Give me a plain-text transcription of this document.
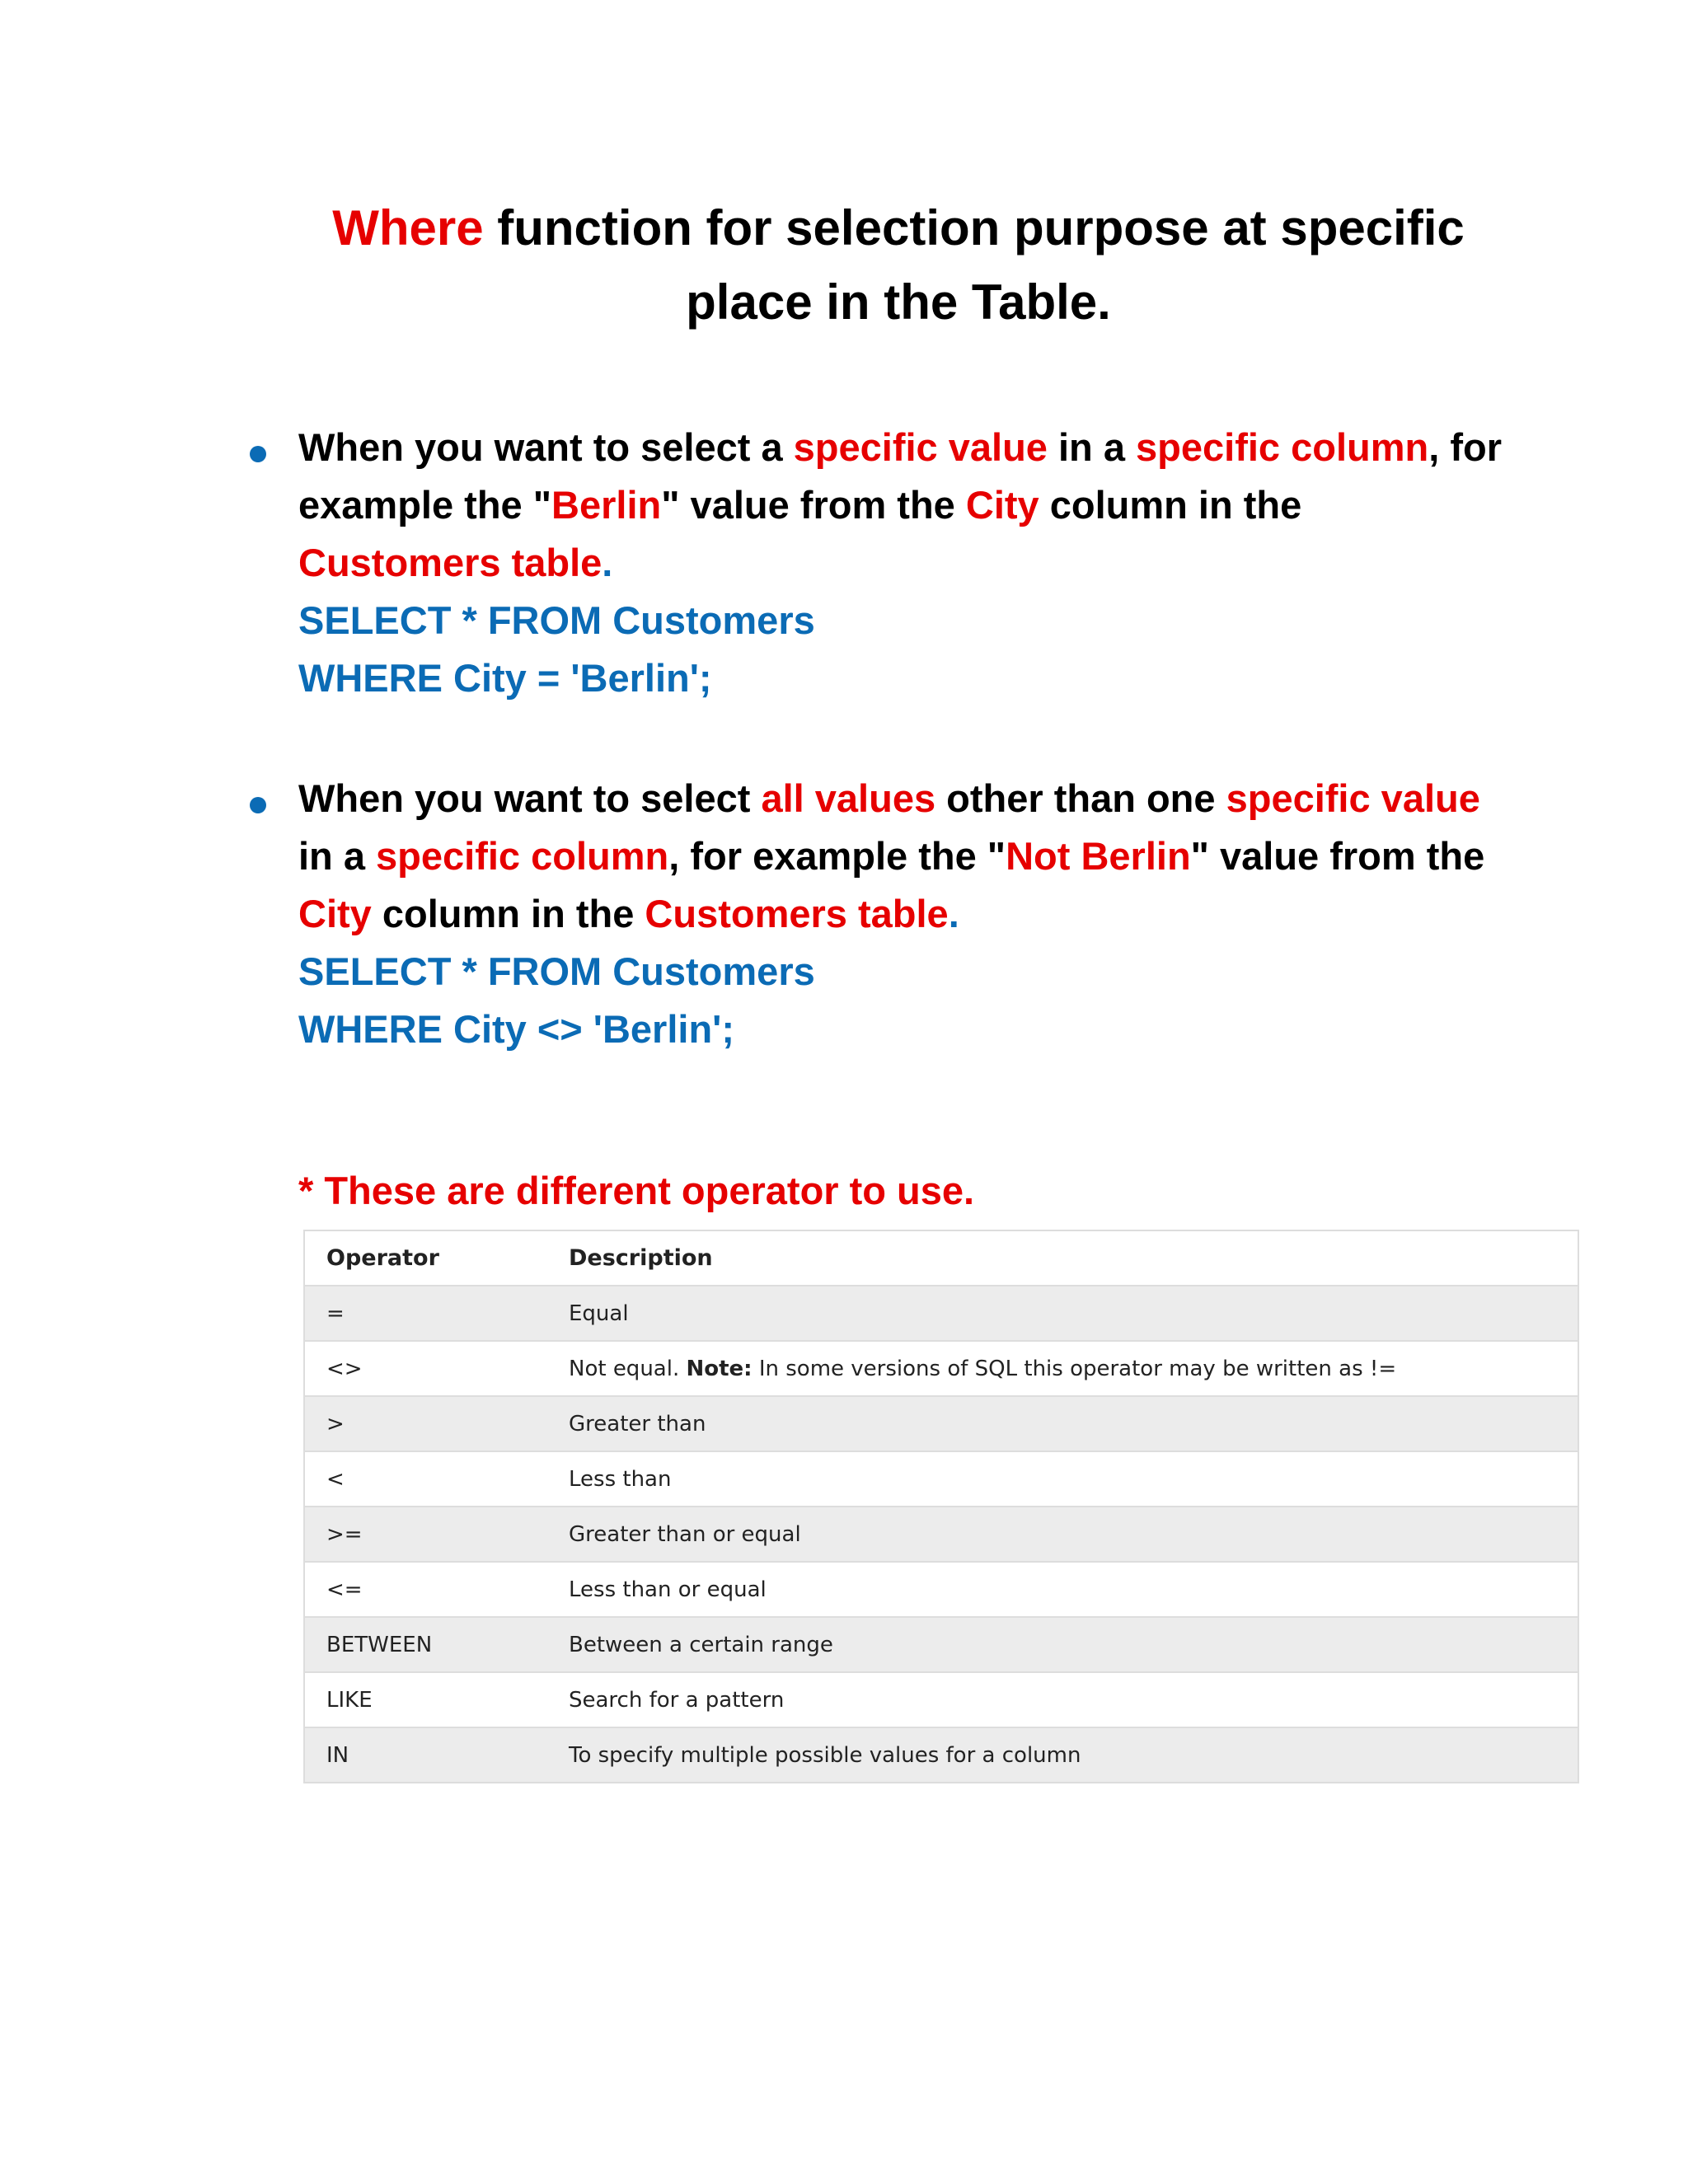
Where function for selection purpose at specific place in the Table.
When you want to select a specific value in a specific column, for example the "Berlin" value from the City column in the
Customers table.
SELECT * FROM Customers
WHERE City = 'Berlin';
When you want to select all values other than one specific value
in a specific column, for example the "Not Berlin" value from the
City column in the Customers table.
SELECT * FROM Customers
WHERE City <> 'Berlin';
* These are different operator to use.
Operator	Description
=	Equal
<>	Not equal. Note: In some versions of SQL this operator may be written as !=
>	Greater than
<	Less than
>=	Greater than or equal
<=	Less than or equal
BETWEEN	Between a certain range
LIKE	Search for a pattern
IN	To specify multiple possible values for a column
